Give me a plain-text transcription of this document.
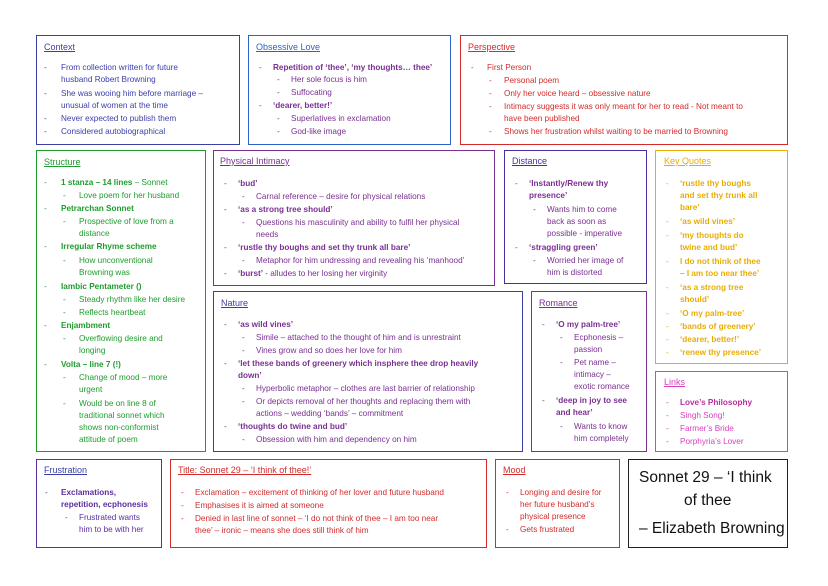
Context
- From collection written for future
husband Robert Browning
- She was wooing him before marriage –
unusual of women at the time
- Never expected to publish them
- Considered autobiographical
Obsessive Love
- Repetition of ‘thee’, ‘my thoughts… thee’
- Her sole focus is him
- Suffocating
- ‘dearer, better!’
- Superlatives in exclamation
- God-like image
Perspective
- First Person
- Personal poem
- Only her voice heard – obsessive nature
- Intimacy suggests it was only meant for her to read - Not meant to
have been published
- Shows her frustration whilst waiting to be married to Browning
Structure
- 1 stanza – 14 lines – Sonnet
- Love poem for her husband
- Petrarchan Sonnet
- Prospective of love from a
distance
- Irregular Rhyme scheme
- How unconventional
Browning was
- Iambic Pentameter ()
- Steady rhythm like her desire
- Reflects heartbeat
- Enjambment
- Overflowing desire and
longing
- Volta – line 7 (!)
- Change of mood – more
urgent
- Would be on line 8 of
traditional sonnet which
shows non-conformist
attitude of poem
Physical Intimacy
- ‘bud’
- Carnal reference – desire for physical relations
- ‘as a strong tree should’
- Questions his masculinity and ability to fulfil her physical
needs
- ‘rustle thy boughs and set thy trunk all bare’
- Metaphor for him undressing and revealing his ‘manhood’
- ‘burst’ - alludes to her losing her virginity
Distance
- ‘Instantly/Renew thy
presence’
- Wants him to come
back as soon as
possible - imperative
- ‘straggling green’
- Worried her image of
him is distorted
Key Quotes
- ‘rustle thy boughs
and set thy trunk all
bare’
- ‘as wild vines’
- ‘my thoughts do
twine and bud’
- I do not think of thee
– I am too near thee’
- ‘as a strong tree
should’
- ‘O my palm-tree’
- ‘bands of greenery’
- ‘dearer, better!’
- ‘renew thy presence’
Nature
- ‘as wild vines’
- Simile – attached to the thought of him and is unrestraint
- Vines grow and so does her love for him
- ‘let these bands of greenery which insphere thee drop heavily
down’
- Hyperbolic metaphor – clothes are last barrier of relationship
- Or depicts removal of her thoughts and replacing them with
actions – wedding ‘bands’ – commitment
- ‘thoughts do twine and bud’
- Obsession with him and dependency on him
Romance
- ‘O my palm-tree’
- Ecphonesis –
passion
- Pet name –
intimacy –
exotic romance
- ‘deep in joy to see
and hear’
- Wants to know
him completely
Links
- Love’s Philosophy
- Singh Song!
- Farmer’s Bride
- Porphyria’s Lover
Frustration
- Exclamations,
repetition, ecphonesis
- Frustrated wants
him to be with her
Title: Sonnet 29 – ‘I think of thee!’
- Exclamation – excitement of thinking of her lover and future husband
- Emphasises it is aimed at someone
- Denied in last line of sonnet – ‘I do not think of thee – I am too near
thee’ – ironic – means she does still think of him
Mood
- Longing and desire for
her future husband’s
physical presence
- Gets frustrated
Sonnet 29 – ‘I think
of thee
– Elizabeth Browning
